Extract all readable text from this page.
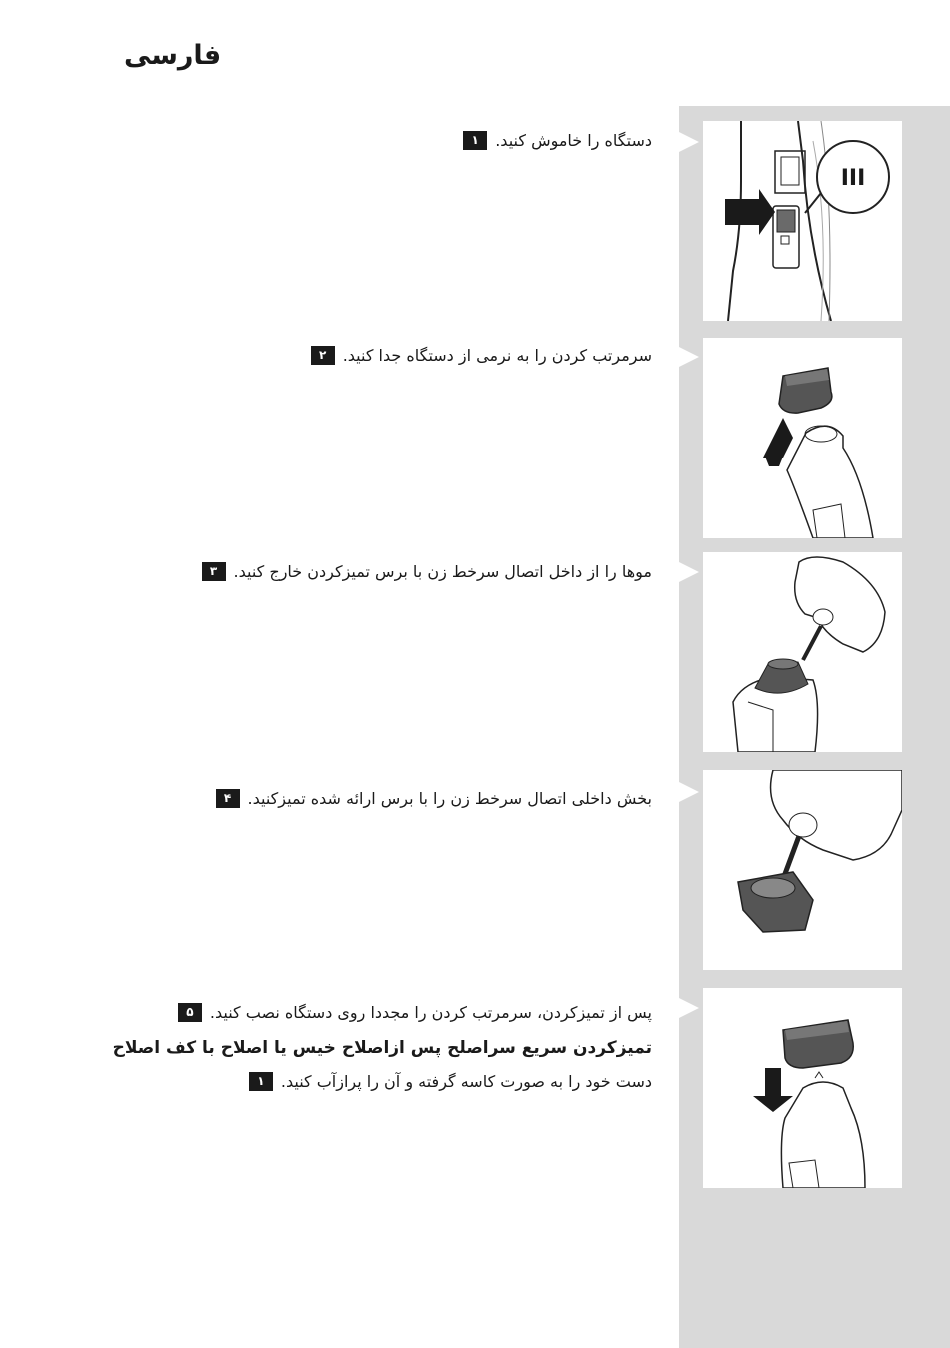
فارسی
III
۱	دستگاه را خاموش کنید.
۲	سرمرتب کردن را به نرمی از دستگاه جدا کنید.
۳	موها را از داخل اتصال سرخط زن با برس تمیزکردن خارج کنید.
۴	بخش داخلی اتصال سرخط زن را با برس ارائه شده تمیزکنید.
۵	پس از تمیزکردن، سرمرتب کردن را مجددا روی دستگاه نصب کنید.
تمیزکردن سریع سراصلح پس ازاصلاح خیس یا اصلاح با کف اصلاح
۱	دست خود را به صورت کاسه گرفته و آن را پرازآب کنید.
